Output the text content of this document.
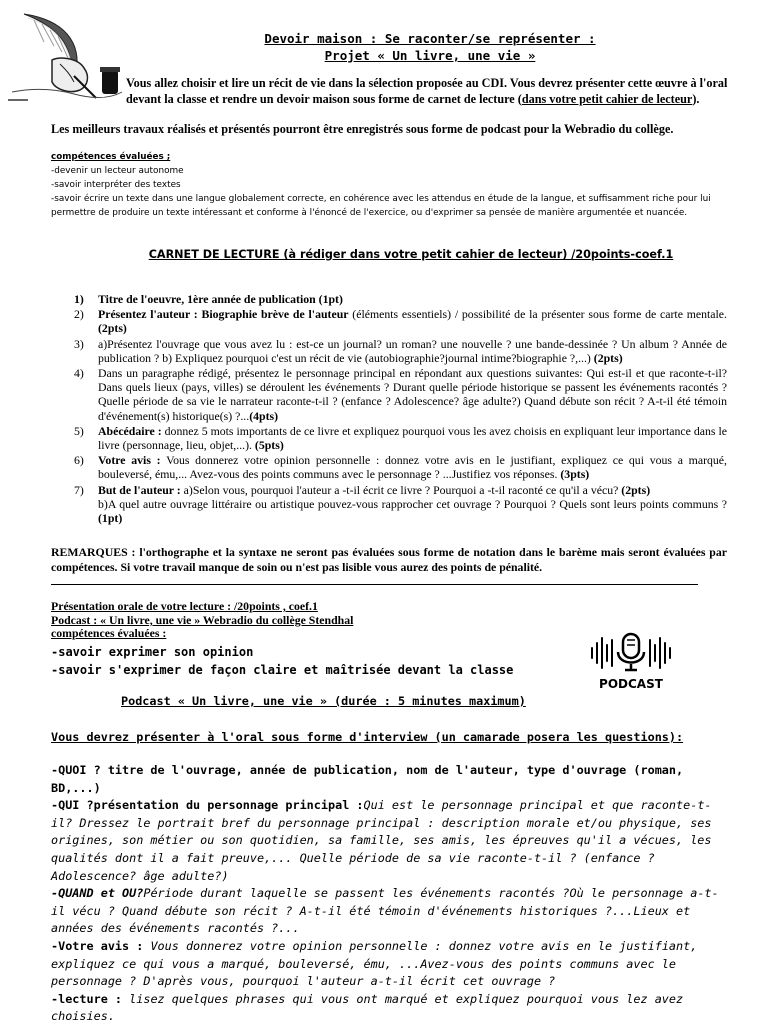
Devoir maison : Se raconter/se représenter :
Projet « Un livre, une vie »
Vous allez choisir et lire un récit de vie dans la sélection proposée au CDI. Vous devrez présenter cette œuvre à l'oral devant la classe et rendre un devoir maison sous forme de carnet de lecture (dans votre petit cahier de lecteur).
Les meilleurs travaux réalisés et présentés pourront être enregistrés sous forme de podcast pour la Webradio du collège.
compétences évaluées ;
-devenir un lecteur autonome
-savoir interpréter des textes
-savoir écrire un texte dans une langue globalement correcte, en cohérence avec les attendus en étude de la langue, et suffisamment riche pour lui permettre de produire un texte intéressant et conforme à l'énoncé de l'exercice, ou d'exprimer sa pensée de manière argumentée et nuancée.
CARNET DE LECTURE (à rédiger dans votre petit cahier de lecteur) /20points-coef.1
1) Titre de l'oeuvre, 1ère année de publication (1pt)
2) Présentez l'auteur : Biographie brève de l'auteur (éléments essentiels) / possibilité de la présenter sous forme de carte mentale. (2pts)
3) a)Présentez l'ouvrage que vous avez lu : est-ce un journal? un roman? une nouvelle ? une bande-dessinée ? Un album ? Année de publication ? b) Expliquez pourquoi c'est un récit de vie (autobiographie?journal intime?biographie ?,...) (2pts)
4) Dans un paragraphe rédigé, présentez le personnage principal en répondant aux questions suivantes: Qui est-il et que raconte-t-il? Dans quels lieux (pays, villes) se déroulent les événements ? Durant quelle période historique se passent les événements racontés ? Quelle période de sa vie le narrateur raconte-t-il ? (enfance ? Adolescence? âge adulte?) Quand débute son récit ? A-t-il été témoin d'événement(s) historique(s) ?...(4pts)
5) Abécédaire : donnez 5 mots importants de ce livre et expliquez pourquoi vous les avez choisis en expliquant leur importance dans le livre (personnage, lieu, objet,...). (5pts)
6) Votre avis : Vous donnerez votre opinion personnelle : donnez votre avis en le justifiant, expliquez ce qui vous a marqué, bouleversé, ému,... Avez-vous des points communs avec le personnage ? ...Justifiez vos réponses. (3pts)
7) But de l'auteur : a)Selon vous, pourquoi l'auteur a -t-il écrit ce livre ? Pourquoi a -t-il raconté ce qu'il a vécu? (2pts)
b)A quel autre ouvrage littéraire ou artistique pouvez-vous rapprocher cet ouvrage ? Pourquoi ? Quels sont leurs points communs ? (1pt)
REMARQUES : l'orthographe et la syntaxe ne seront pas évaluées sous forme de notation dans le barème mais seront évaluées par compétences. Si votre travail manque de soin ou n'est pas lisible vous aurez des points de pénalité.
Présentation orale de votre lecture : /20points , coef.1
Podcast : « Un livre, une vie » Webradio du collège Stendhal
compétences évaluées :
-savoir exprimer son opinion
-savoir s'exprimer de façon claire et maîtrisée devant la classe
PODCAST
Podcast « Un livre, une vie » (durée : 5 minutes maximum)
Vous devrez présenter à l'oral sous forme d'interview (un camarade posera les questions):
-QUOI ? titre de l'ouvrage, année de publication, nom de l'auteur, type d'ouvrage (roman, BD,...)
-QUI ?présentation du personnage principal :Qui est le personnage principal et que raconte-t-il? Dressez le portrait bref du personnage principal : description morale et/ou physique, ses origines, son métier ou son quotidien, sa famille, ses amis, les épreuves qu'il a vécues, les qualités dont il a fait preuve,... Quelle période de sa vie raconte-t-il ? (enfance ? Adolescence? âge adulte?)
-QUAND et OU?Période durant laquelle se passent les événements racontés ?Où le personnage a-t-il vécu ? Quand débute son récit ? A-t-il été témoin d'événements historiques ?...Lieux et années des événements racontés ?...
-Votre avis : Vous donnerez votre opinion personnelle : donnez votre avis en le justifiant, expliquez ce qui vous a marqué, bouleversé, ému, ...Avez-vous des points communs avec le personnage ? D'après vous, pourquoi l'auteur a-t-il écrit cet ouvrage ?
-lecture : lisez quelques phrases qui vous ont marqué et expliquez pourquoi vous lez avez choisies.
